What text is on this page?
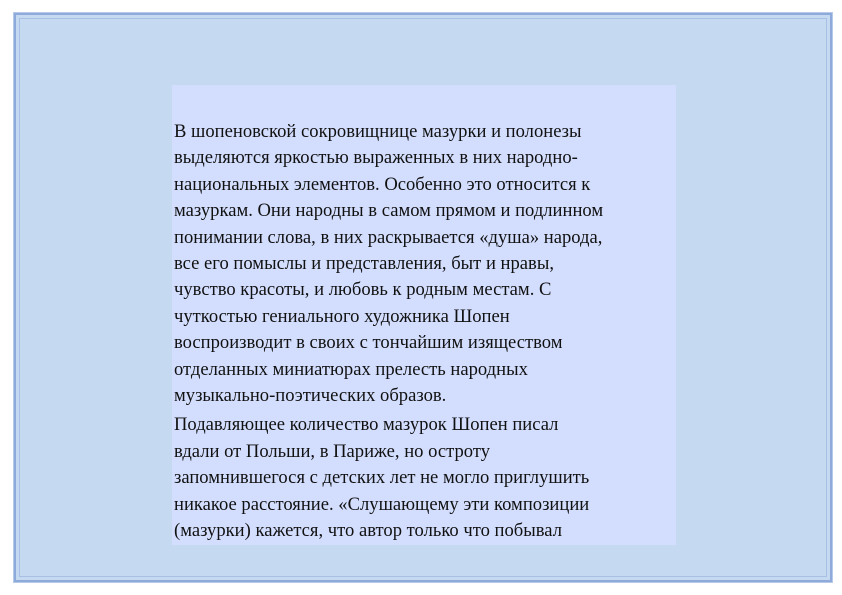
В шопеновской сокровищнице мазурки и полонезы
выделяются яркостью выраженных в них народно-
национальных элементов. Особенно это относится к
мазуркам. Они народны в самом прямом и подлинном
понимании слова, в них раскрывается «душа» народа,
все его помыслы и представления, быт и нравы,
чувство красоты, и любовь к родным местам. С
чуткостью гениального художника Шопен
воспроизводит в своих с тончайшим изяществом
отделанных миниатюрах прелесть народных
музыкально-поэтических образов.

Подавляющее количество мазурок Шопен писал
вдали от Польши, в Париже, но остроту
запомнившегося с детских лет не могло приглушить
никакое расстояние. «Слушающему эти композиции
(мазурки) кажется, что автор только что побывал
